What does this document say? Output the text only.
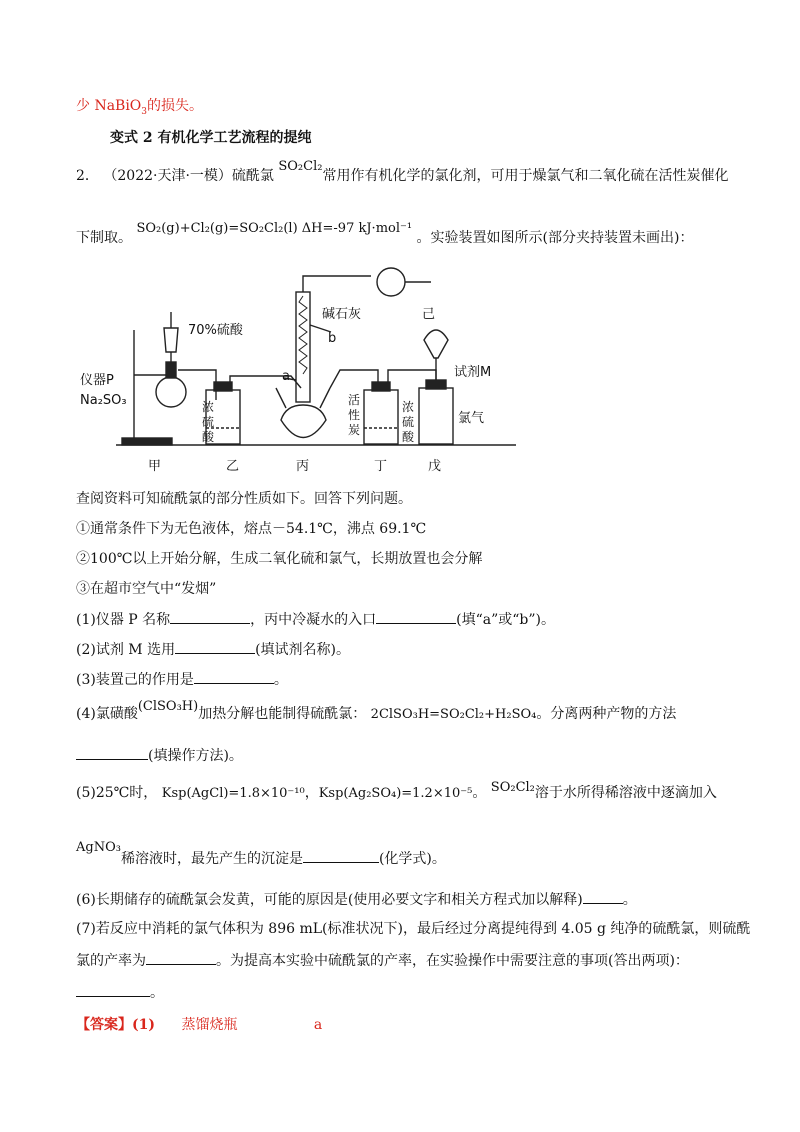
少 NaBiO$_3$的损失。
变式 2 有机化学工艺流程的提纯
2． （2022·天津·一模）硫酰氯 SO₂Cl₂常用作有机化学的氯化剂，可用于燥氯气和二氧化硫在活性炭催化
下制取。 SO₂(g)+Cl₂(g)=SO₂Cl₂(l) ΔH=-97 kJ·mol⁻¹ 。实验装置如图所示(部分夹持装置未画出)：
70%硫酸
仪器P
Na₂SO₃	浓硫酸
碱石灰
b
a
己
活性炭
浓硫酸
试剂M
氯气
甲	乙	丙	丁	戊
查阅资料可知硫酰氯的部分性质如下。回答下列问题。
①通常条件下为无色液体，熔点－54.1℃，沸点 69.1℃
②100℃以上开始分解，生成二氧化硫和氯气，长期放置也会分解
③在超市空气中“发烟”
(1)仪器 P 名称	，丙中冷凝水的入口	(填“a”或“b”)。
(2)试剂 M 选用	(填试剂名称)。
(3)装置己的作用是	。
(4)氯磺酸(ClSO₃H)加热分解也能制得硫酰氯： 2ClSO₃H=SO₂Cl₂+H₂SO₄。分离两种产物的方法
(填操作方法)。
(5)25℃时， Ksp(AgCl)=1.8×10⁻¹⁰，Ksp(Ag₂SO₄)=1.2×10⁻⁵。 SO₂Cl₂溶于水所得稀溶液中逐滴加入
AgNO₃稀溶液时，最先产生的沉淀是	(化学式)。
(6)长期储存的硫酰氯会发黄，可能的原因是(使用必要文字和相关方程式加以解释)	。
(7)若反应中消耗的氯气体积为 896 mL(标准状况下)，最后经过分离提纯得到 4.05 g 纯净的硫酰氯，则硫酰
氯的产率为	。为提高本实验中硫酰氯的产率，在实验操作中需要注意的事项(答出两项)：
。
【答案】(1) 蒸馏烧瓶	a
